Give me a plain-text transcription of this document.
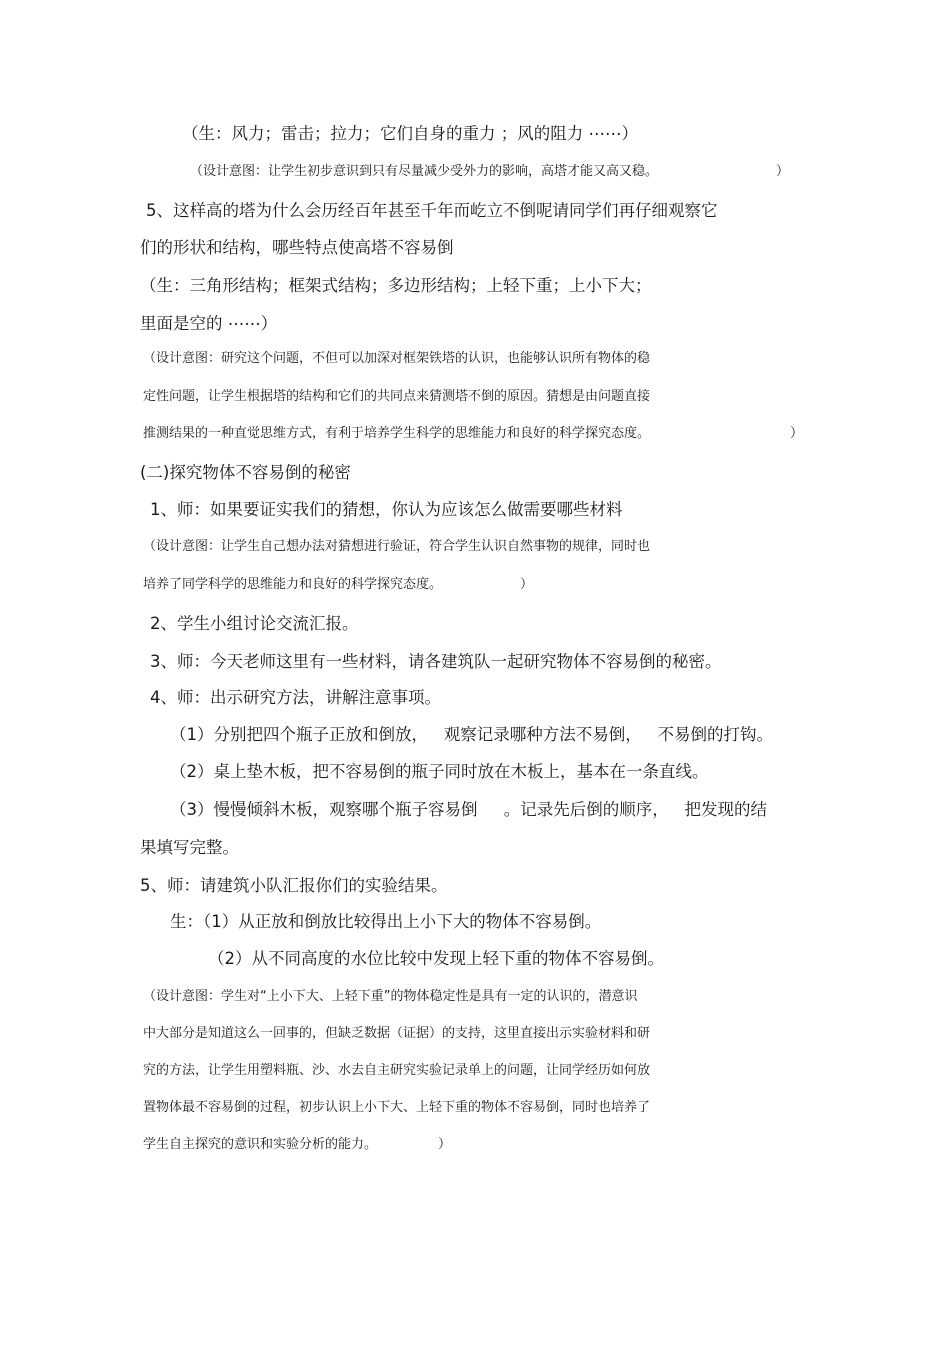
（生：风力；雷击；拉力；它们自身的重力 ；风的阻力 ⋯⋯）
（设计意图：让学生初步意识到只有尽量减少受外力的影响，高塔才能又高又稳。	）
5、这样高的塔为什么会历经百年甚至千年而屹立不倒呢请同学们再仔细观察它
们的形状和结构，哪些特点使高塔不容易倒
（生：三角形结构；框架式结构；多边形结构；上轻下重；上小下大；
里面是空的 ⋯⋯）
（设计意图：研究这个问题，不但可以加深对框架铁塔的认识，也能够认识所有物体的稳
定性问题，让学生根据塔的结构和它们的共同点来猜测塔不倒的原因。猜想是由问题直接
推测结果的一种直觉思维方式，有利于培养学生科学的思维能力和良好的科学探究态度。	）
(二)探究物体不容易倒的秘密
1、师：如果要证实我们的猜想，你认为应该怎么做需要哪些材料
（设计意图：让学生自己想办法对猜想进行验证，符合学生认识自然事物的规律，同时也
培养了同学科学的思维能力和良好的科学探究态度。	）
2、学生小组讨论交流汇报。
3、师：今天老师这里有一些材料，请各建筑队一起研究物体不容易倒的秘密。
4、师：出示研究方法，讲解注意事项。
（1）分别把四个瓶子正放和倒放，   观察记录哪种方法不易倒，   不易倒的打钩。
（2）桌上垫木板，把不容易倒的瓶子同时放在木板上，基本在一条直线。
（3）慢慢倾斜木板，观察哪个瓶子容易倒     。记录先后倒的顺序，   把发现的结
果填写完整。
5、师：请建筑小队汇报你们的实验结果。
生：（1）从正放和倒放比较得出上小下大的物体不容易倒。
（2）从不同高度的水位比较中发现上轻下重的物体不容易倒。
（设计意图：学生对“上小下大、上轻下重”的物体稳定性是具有一定的认识的，潜意识
中大部分是知道这么一回事的，但缺乏数据（证据）的支持，这里直接出示实验材料和研
究的方法，让学生用塑料瓶、沙、水去自主研究实验记录单上的问题，让同学经历如何放
置物体最不容易倒的过程，初步认识上小下大、上轻下重的物体不容易倒，同时也培养了
学生自主探究的意识和实验分析的能力。	）
